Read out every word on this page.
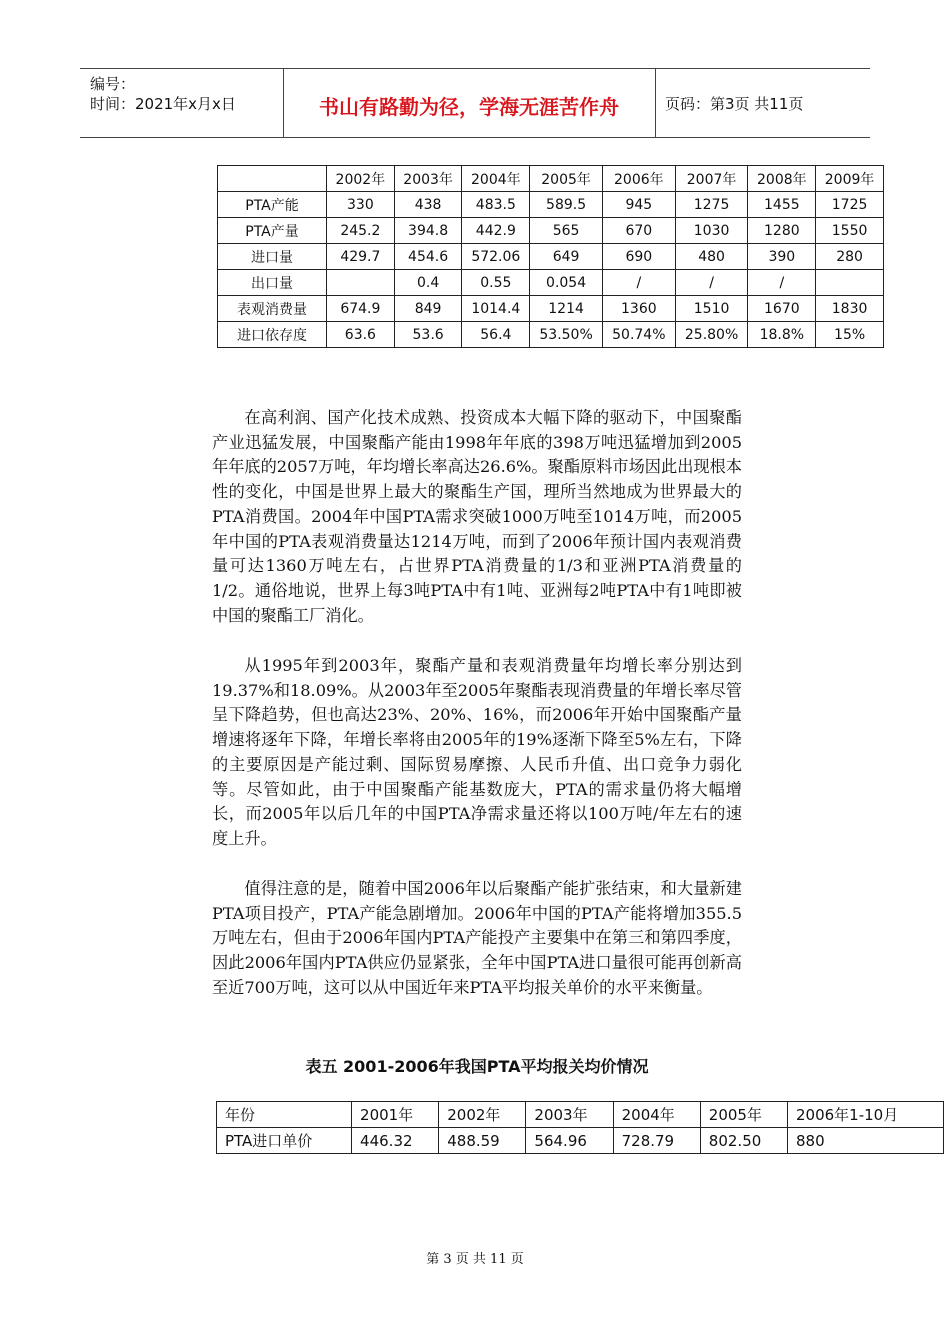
编号：
时间：2021年x月x日	书山有路勤为径，学海无涯苦作舟	页码：第3页 共11页
	2002年	2003年	2004年	2005年	2006年	2007年	2008年	2009年
PTA产能	330	438	483.5	589.5	945	1275	1455	1725
PTA产量	245.2	394.8	442.9	565	670	1030	1280	1550
进口量	429.7	454.6	572.06	649	690	480	390	280
出口量		0.4	0.55	0.054	/	/	/	
表观消费量	674.9	849	1014.4	1214	1360	1510	1670	1830
进口依存度	63.6	53.6	56.4	53.50%	50.74%	25.80%	18.8%	15%

在高利润、国产化技术成熟、投资成本大幅下降的驱动下，中国聚酯产业迅猛发展，中国聚酯产能由1998年年底的398万吨迅猛增加到2005年年底的2057万吨，年均增长率高达26.6%。聚酯原料市场因此出现根本性的变化，中国是世界上最大的聚酯生产国，理所当然地成为世界最大的PTA消费国。2004年中国PTA需求突破1000万吨至1014万吨，而2005年中国的PTA表观消费量达1214万吨，而到了2006年预计国内表观消费量可达1360万吨左右，占世界PTA消费量的1/3和亚洲PTA消费量的1/2。通俗地说，世界上每3吨PTA中有1吨、亚洲每2吨PTA中有1吨即被中国的聚酯工厂消化。

从1995年到2003年，聚酯产量和表观消费量年均增长率分别达到19.37%和18.09%。从2003年至2005年聚酯表现消费量的年增长率尽管呈下降趋势，但也高达23%、20%、16%，而2006年开始中国聚酯产量增速将逐年下降，年增长率将由2005年的19%逐渐下降至5%左右，下降的主要原因是产能过剩、国际贸易摩擦、人民币升值、出口竞争力弱化等。尽管如此，由于中国聚酯产能基数庞大，PTA的需求量仍将大幅增长，而2005年以后几年的中国PTA净需求量还将以100万吨/年左右的速度上升。

值得注意的是，随着中国2006年以后聚酯产能扩张结束，和大量新建PTA项目投产，PTA产能急剧增加。2006年中国的PTA产能将增加355.5万吨左右，但由于2006年国内PTA产能投产主要集中在第三和第四季度，因此2006年国内PTA供应仍显紧张，全年中国PTA进口量很可能再创新高至近700万吨，这可以从中国近年来PTA平均报关单价的水平来衡量。

表五 2001-2006年我国PTA平均报关均价情况
年份	2001年	2002年	2003年	2004年	2005年	2006年1-10月
PTA进口单价	446.32	488.59	564.96	728.79	802.50	880
第 3 页 共 11 页
